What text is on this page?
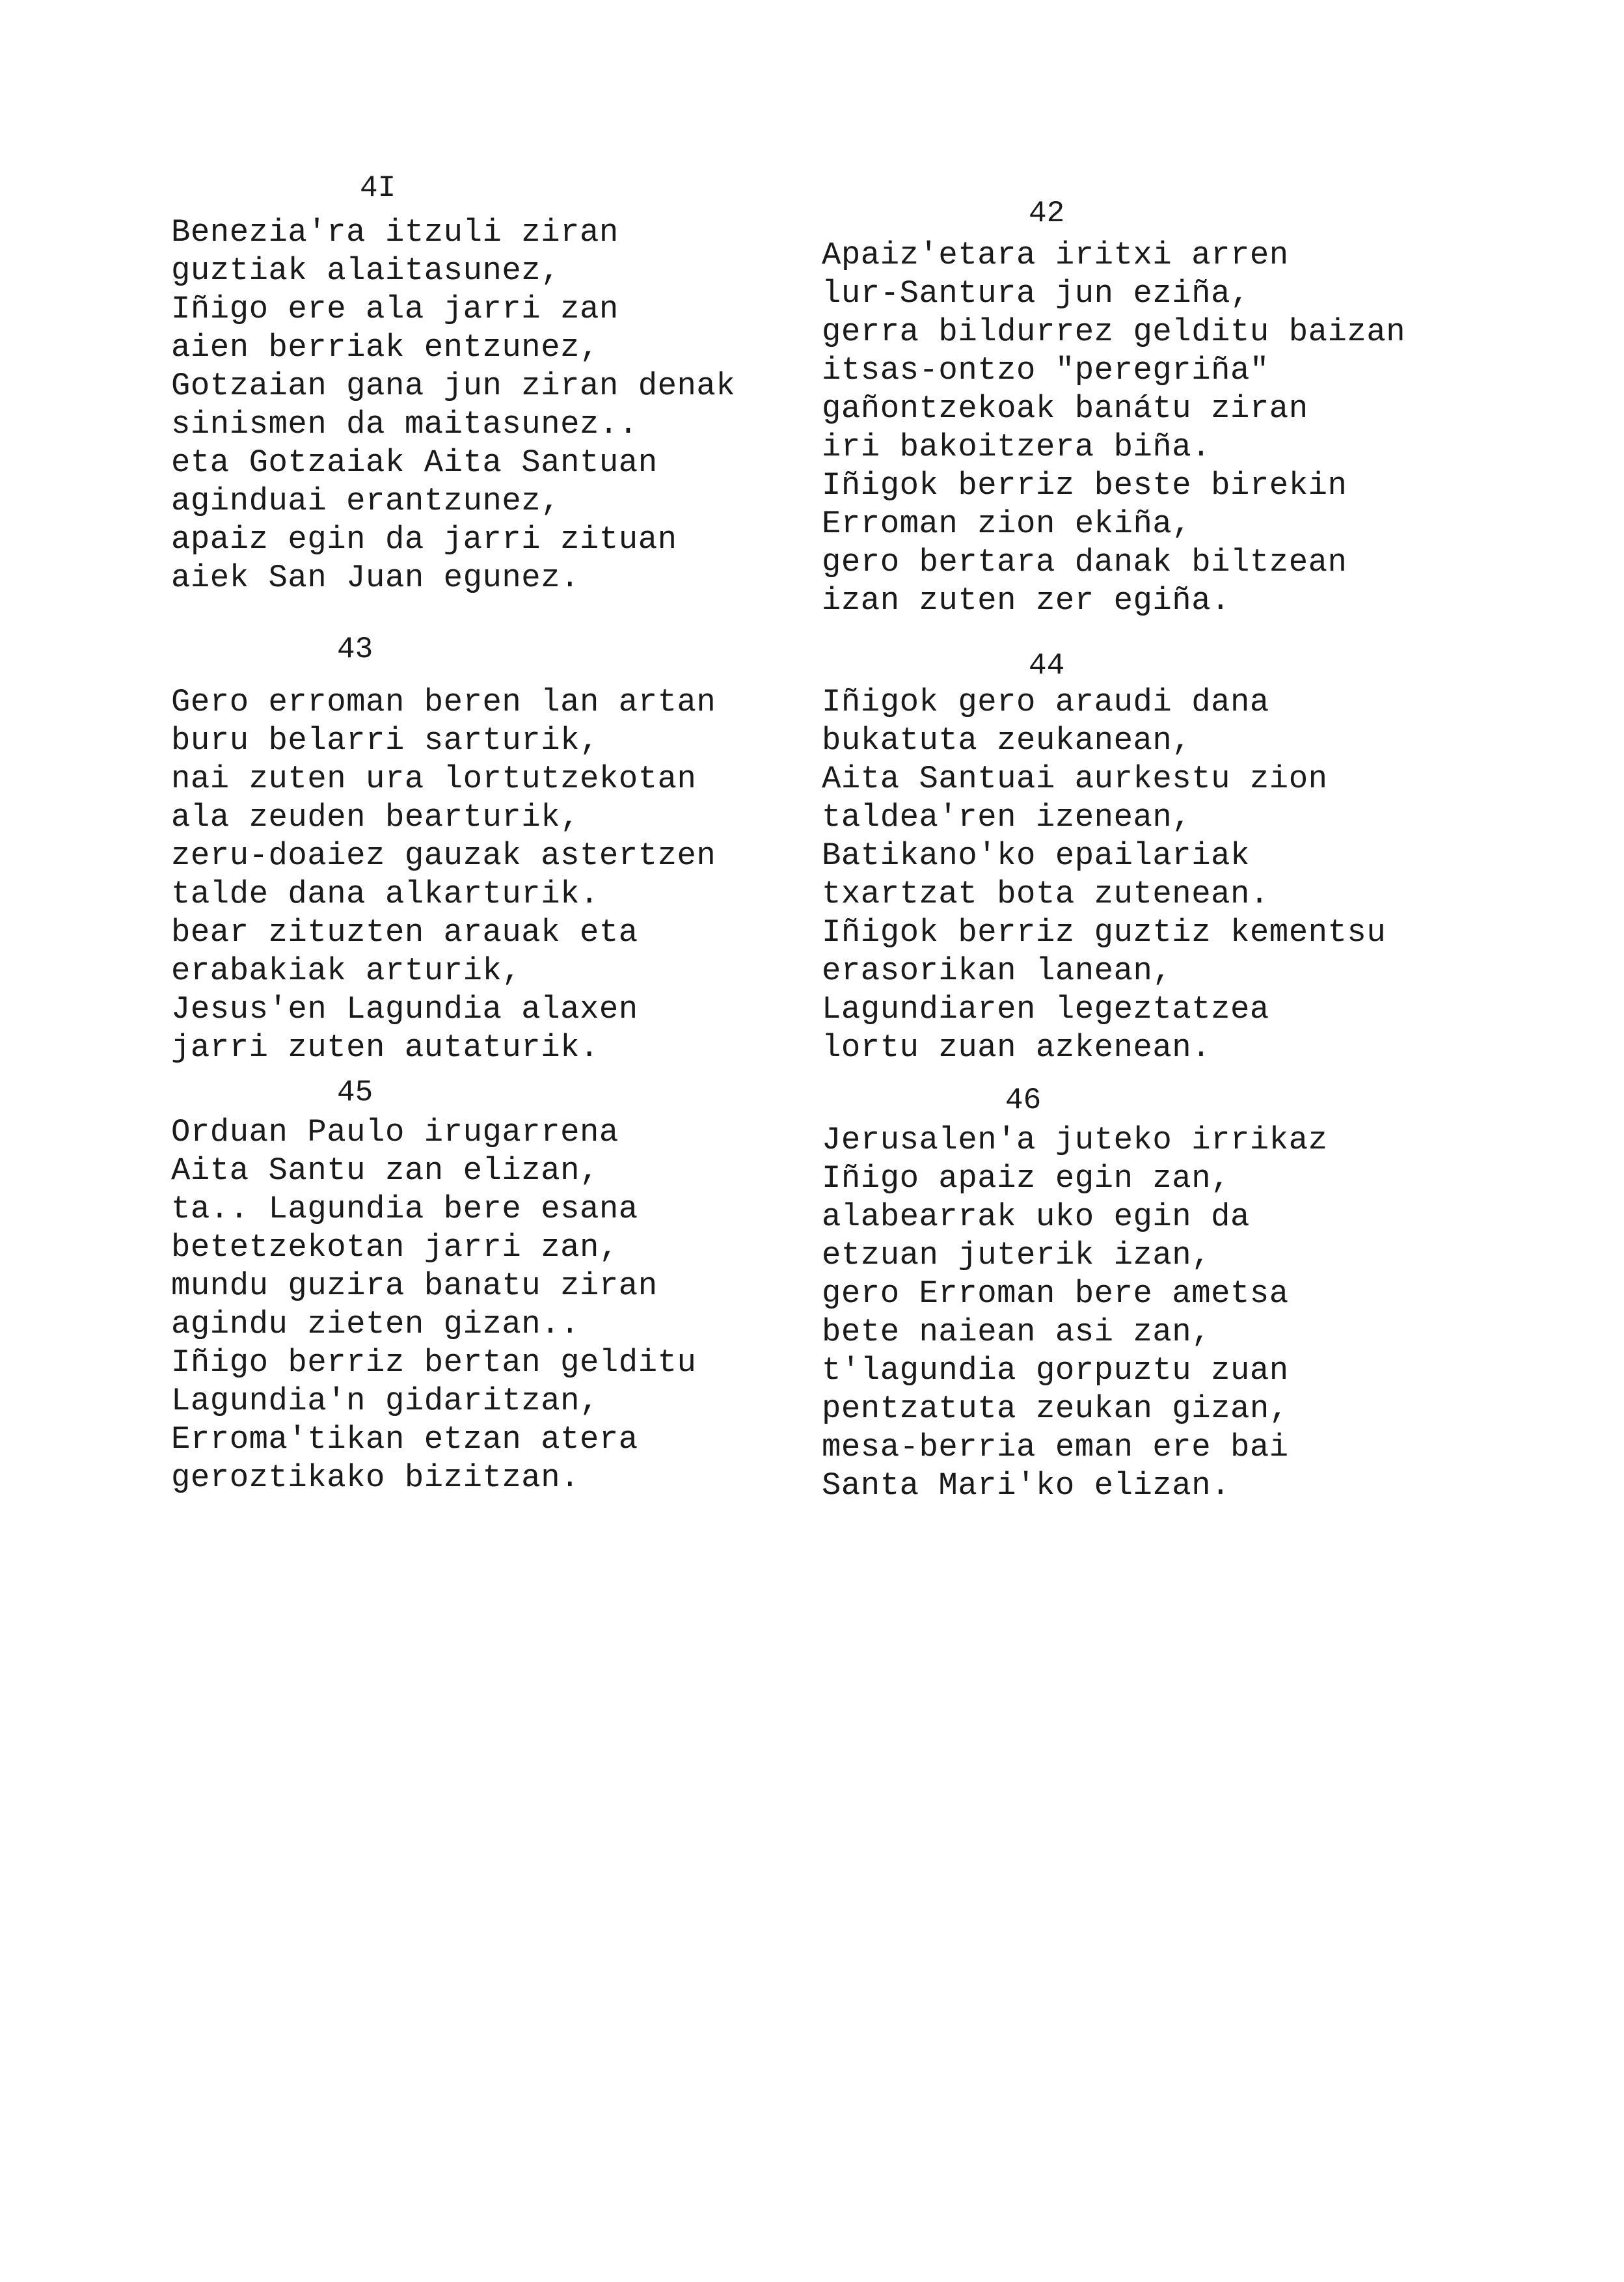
4I
Benezia'ra itzuli ziran
guztiak alaitasunez,
Iñigo ere ala jarri zan
aien berriak entzunez,
Gotzaian gana jun ziran denak
sinismen da maitasunez..
eta Gotzaiak Aita Santuan
agindua‌i erantzunez,
apaiz egin da jarri zituan
aiek San Juan egunez.
42
Apaiz'etara iritxi arren
lur-Santura jun eziña,
gerra bildurrez gelditu baizan
itsas-ontzo "peregriña"
gañontzekoak banátu ziran
iri bakoitzera biña.
Iñigok berriz beste birekin
Erroman zion ekiña,
gero bertara danak biltzean
izan zuten zer egiña.
43
Gero erroman beren lan artan
buru belarri sarturik,
nai zuten ura lortutzekotan
ala zeuden bearturik,
zeru-doaiez gauzak astertzen
talde dana alkarturik.
bear zituzten arauak eta
erabakiak arturik,
Jesus'en Lagundia alaxen
jarri zuten autaturik.
44
Iñigok gero araudi dana
bukatuta zeukanean,
Aita Santuai aurkestu zion
taldea'ren izenean,
Batikano'ko epailariak
txartzat bota zutenean.
Iñigok berriz guztiz kementsu
erasorikan lanean,
Lagundiaren legeztatzea
lortu zuan azkenean.
45
Orduan Paulo irugarrena
Aita Santu zan elizan,
ta.. Lagundia bere esana
betetzekotan jarri zan,
mundu guzira banatu ziran
agindu zieten gizan..
Iñigo berriz bertan gelditu
Lagundia'n gidaritzan,
Erroma'tikan etzan atera
geroztikako bizitzan.
46
Jerusalen'a juteko irrikaz
Iñigo apaiz egin zan,
alabearrak uko egin da
etzuan juterik izan,
gero Erroman bere ametsa
bete naiean asi zan,
t'lagundia gorpuztu zuan
pentzatuta zeukan gizan,
mesa-berria eman ere bai
Santa Mari'ko elizan.
